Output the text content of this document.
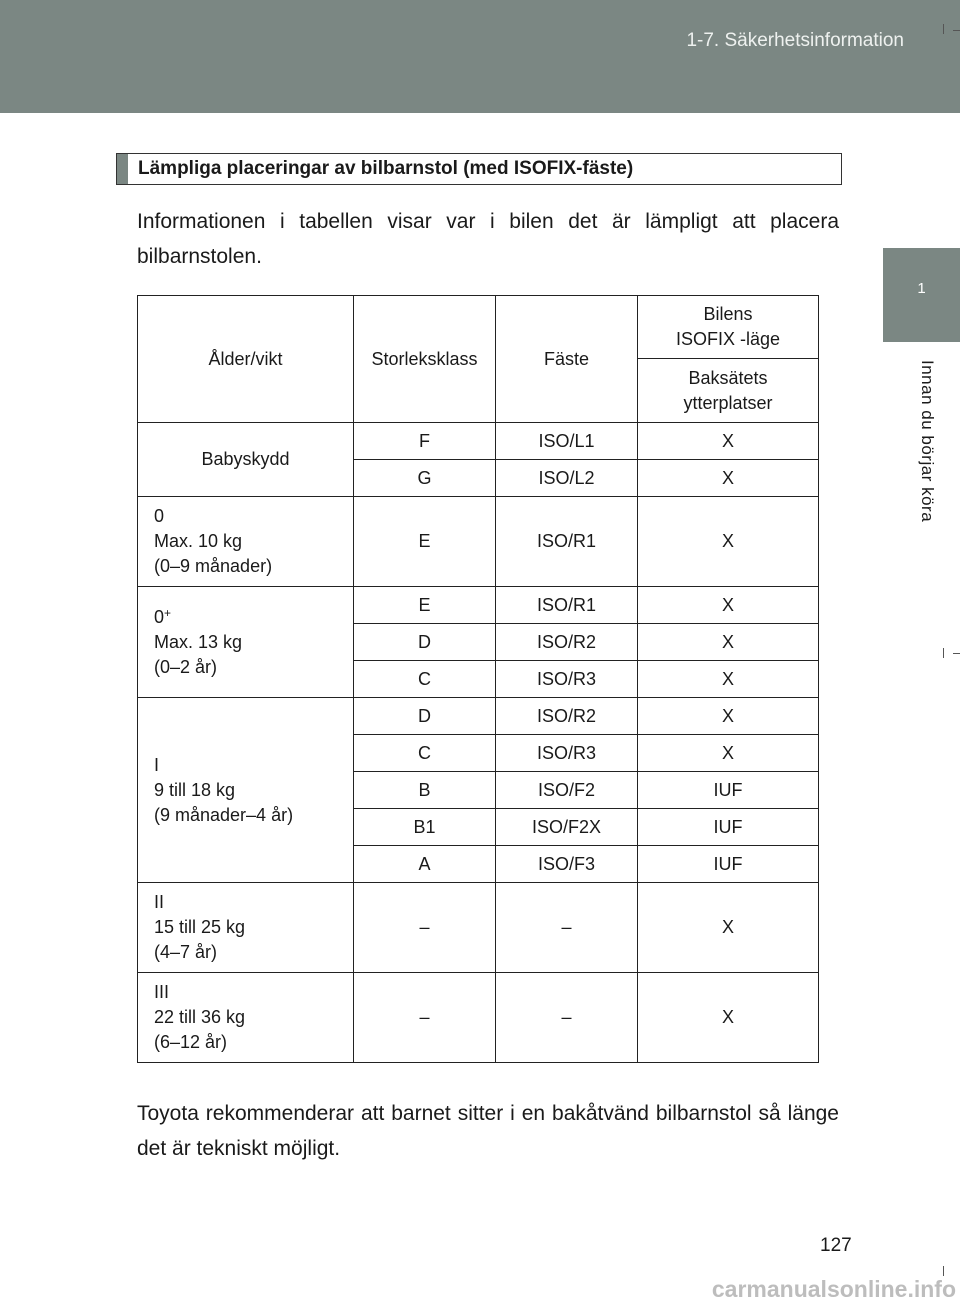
1-7. Säkerhetsinformation
1
Innan du börjar köra
Lämpliga placeringar av bilbarnstol (med ISOFIX-fäste)
Informationen i tabellen visar var i bilen det är lämpligt att placera bilbarnstolen.
Ålder/vikt	Storleksklass	Fäste	Bilens
ISOFIX -läge
			Baksätets
ytterplatser
Babyskydd	F	ISO/L1	X
	G	ISO/L2	X
0
Max. 10 kg
(0–9 månader)	E	ISO/R1	X
0+
Max. 13 kg
(0–2 år)	E	ISO/R1	X
	D	ISO/R2	X
	C	ISO/R3	X
I
9 till 18 kg
(9 månader–4 år)	D	ISO/R2	X
	C	ISO/R3	X
	B	ISO/F2	IUF
	B1	ISO/F2X	IUF
	A	ISO/F3	IUF
II
15 till 25 kg
(4–7 år)	–	–	X
III
22 till 36 kg
(6–12 år)	–	–	X
Toyota rekommenderar att barnet sitter i en bakåtvänd bilbarnstol så länge det är tekniskt möjligt.
127
carmanualsonline.info
